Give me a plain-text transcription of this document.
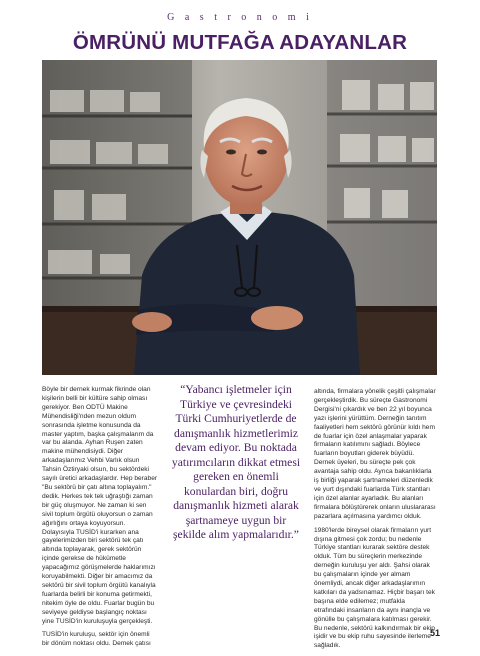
G a s t r o n o m i
ÖMRÜNÜ MUTFAĞA ADAYANLAR

Böyle bir dernek kurmak fikrinde olan kişilerin belli bir kültüre sahip olması gerekiyor. Ben ODTÜ Makine Mühendisliği'nden mezun oldum sonrasında işletme konusunda da master yaptım, başka çalışmalarım da var bu alanda. Ayhan Ruşen zaten makine mühendisiydi. Diğer arkadaşlarımız Vehbi Varlık olsun Tahsin Öztiryaki olsun, bu sektördeki sayılı üretici arkadaşlardır. Hep beraber "Bu sektörü bir çatı altına toplayalım." dedik. Herkes tek tek uğraştığı zaman bir güç oluşmuyor. Ne zaman ki sen sivil toplum örgütü oluyorsun o zaman ağırlığını ortaya koyuyorsun. Dolayısıyla TUSİD'i kurarken ana gayelerimizden biri sektörü tek çatı altında toplayarak, gerek sektörün içinde gerekse de hükümetle yapacağımız görüşmelerde haklarımızı koruyabilmekti. Diğer bir amacımız da sektörü bir sivil toplum örgütü kanalıyla fuarlarda belirli bir konuma getirmekti, nitekim öyle de oldu. Fuarlar bugün bu seviyeye geldiyse başlangıç noktası yine TUSİD'in kuruluşuyla gerçekleşti.

TUSİD'in kuruluşu, sektör için önemli bir dönüm noktası oldu. Demek çatısı

“Yabancı işletmeler için Türkiye ve çevresindeki Türki Cumhuriyetlerde de danışmanlık hizmetlerimiz devam ediyor. Bu noktada yatırımcıların dikkat etmesi gereken en önemli konulardan biri, doğru danışmanlık hizmeti alarak şartnameye uygun bir şekilde alım yapmalarıdır.”

altında, firmalara yönelik çeşitli çalışmalar gerçekleştirdik. Bu süreçte Gastronomi Dergisi'ni çıkardık ve ben 22 yıl boyunca yazı işlerini yürüttüm. Derneğin tanıtım faaliyetleri hem sektörü görünür kıldı hem de fuarlar için özel anlaşmalar yaparak firmaların katılımını sağladı. Böylece fuarların boyutları giderek büyüdü. Dernek üyeleri, bu süreçte pek çok avantaja sahip oldu. Ayrıca bakanlıklarla iş birliği yaparak şartnameleri düzenledik ve yurt dışındaki fuarlarda Türk stantları için özel alanlar ayarladık. Bu alanları firmalara bölüştürerek onların uluslararası pazarlara açılmasına yardımcı olduk.

1980'lerde bireysel olarak firmaların yurt dışına gitmesi çok zordu; bu nedenle Türkiye stantları kurarak sektöre destek olduk. Tüm bu süreçlerin merkezinde derneğin kuruluşu yer aldı. Şahsi olarak bu çalışmaların içinde yer almam önemliydi, ancak diğer arkadaşlarımın katkıları da yadsınamaz. Hiçbir başarı tek başına elde edilemez; mutfakla etrafındaki insanların da aynı inançla ve gönülle bu çalışmalara katılması gerekir. Bu nedenle, sektörü kalkındırmak bir ekip işidir ve bu ekip ruhu sayesinde ilerleme sağladık.

51
